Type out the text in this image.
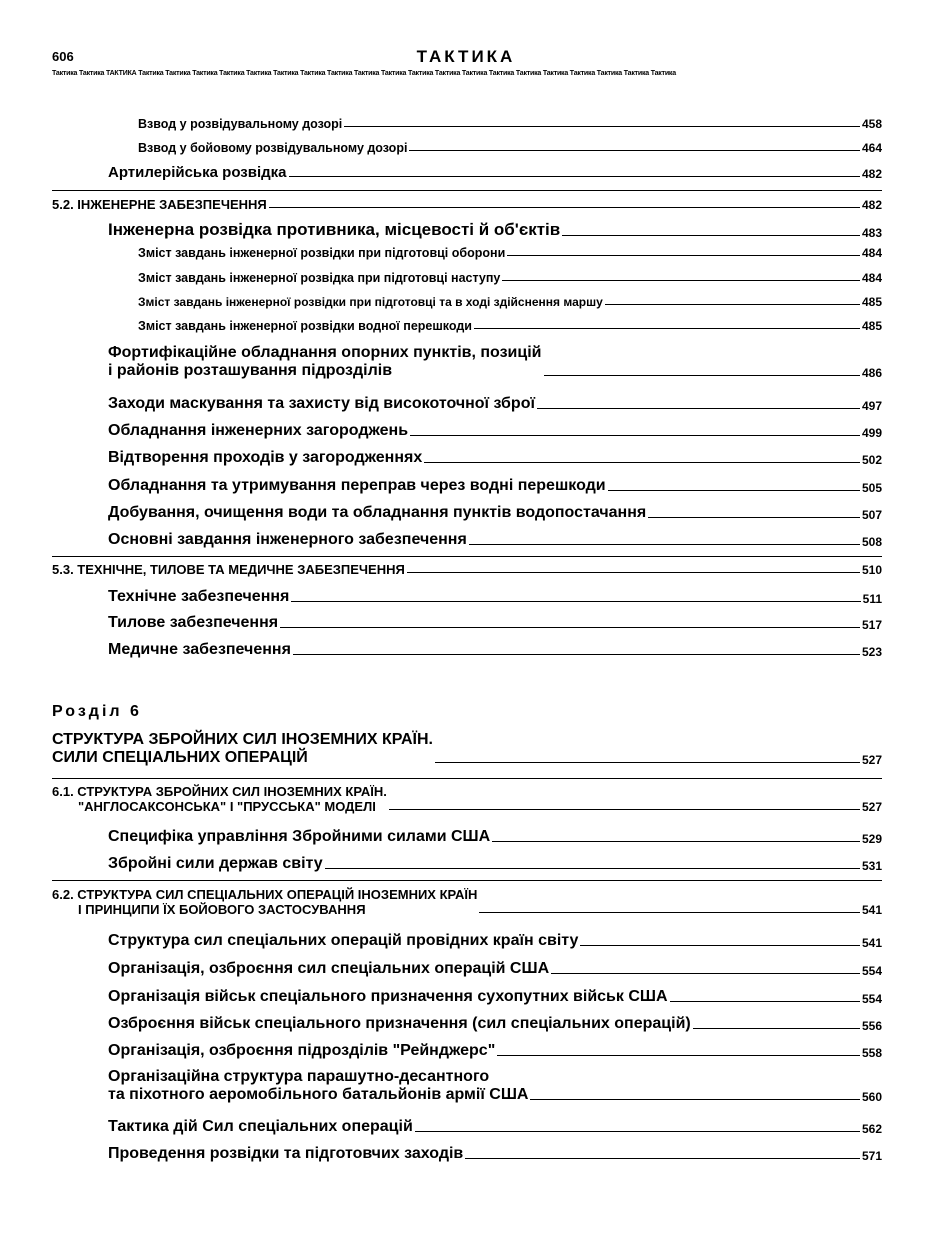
606	ТАКТИКА
Тактика Тактика ТАКТИКА Тактика Тактика Тактика Тактика Тактика Тактика Тактика Тактика Тактика Тактика Тактика Тактика Тактика Тактика Тактика Тактика Тактика Тактика Тактика Тактика
Взвод у розвідувальному дозорі	458
Взвод у бойовому розвідувальному дозорі	464
Артилерійська розвідка	482
5.2. ІНЖЕНЕРНЕ ЗАБЕЗПЕЧЕННЯ	482
Інженерна розвідка противника, місцевості й об'єктів	483
Зміст завдань інженерної розвідки при підготовці оборони	484
Зміст завдань інженерної розвідка при підготовці наступу	484
Зміст завдань інженерної розвідки при підготовці та в ході здійснення маршу	485
Зміст завдань інженерної розвідки водної перешкоди	485
Фортифікаційне обладнання опорних пунктів, позицій
і районів розташування підрозділів	486
Заходи маскування та захисту від високоточної зброї	497
Обладнання інженерних загороджень	499
Відтворення проходів у загородженнях	502
Обладнання та утримування переправ через водні перешкоди	505
Добування, очищення води та обладнання пунктів водопостачання	507
Основні завдання інженерного забезпечення	508
5.3. ТЕХНІЧНЕ, ТИЛОВЕ ТА МЕДИЧНЕ ЗАБЕЗПЕЧЕННЯ	510
Технічне забезпечення	511
Тилове забезпечення	517
Медичне забезпечення	523
Розділ 6
СТРУКТУРА ЗБРОЙНИХ СИЛ ІНОЗЕМНИХ КРАЇН.
СИЛИ СПЕЦІАЛЬНИХ ОПЕРАЦІЙ	527
6.1. СТРУКТУРА ЗБРОЙНИХ СИЛ ІНОЗЕМНИХ КРАЇН.
"АНГЛОСАКСОНСЬКА" І "ПРУССЬКА" МОДЕЛІ	527
Специфіка управління Збройними силами США	529
Збройні сили держав світу	531
6.2. СТРУКТУРА СИЛ СПЕЦІАЛЬНИХ ОПЕРАЦІЙ ІНОЗЕМНИХ КРАЇН
І ПРИНЦИПИ ЇХ БОЙОВОГО ЗАСТОСУВАННЯ	541
Структура сил спеціальних операцій провідних країн світу	541
Організація, озброєння сил спеціальних операцій США	554
Організація військ спеціального призначення сухопутних військ США	554
Озброєння військ спеціального призначення (сил спеціальних операцій)	556
Організація, озброєння підрозділів "Рейнджерс"	558
Організаційна структура парашутно-десантного
та піхотного аеромобільного батальйонів армії США	560
Тактика дій Сил спеціальних операцій	562
Проведення розвідки та підготовчих заходів	571
